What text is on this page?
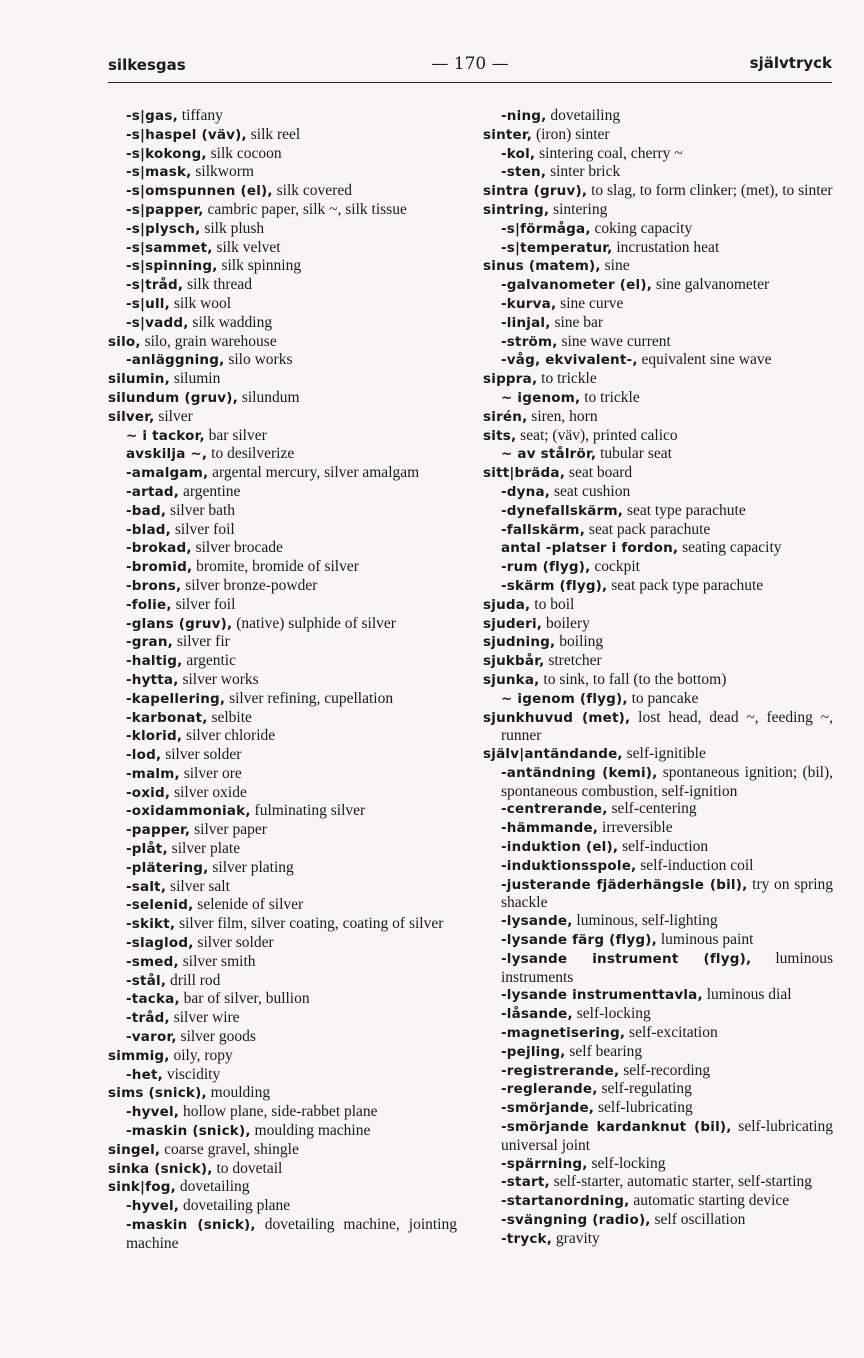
silkesgas	— 170 —	självtryck
-s|gas, tiffany
-s|haspel (väv), silk reel
-s|kokong, silk cocoon
-s|mask, silkworm
-s|omspunnen (el), silk covered
-s|papper, cambric paper, silk ~, silk tissue
-s|plysch, silk plush
-s|sammet, silk velvet
-s|spinning, silk spinning
-s|tråd, silk thread
-s|ull, silk wool
-s|vadd, silk wadding
silo, silo, grain warehouse
-anläggning, silo works
silumin, silumin
silundum (gruv), silundum
silver, silver
~ i tackor, bar silver
avskilja ~, to desilverize
-amalgam, argental mercury, silver amalgam
-artad, argentine
-bad, silver bath
-blad, silver foil
-brokad, silver brocade
-bromid, bromite, bromide of silver
-brons, silver bronze-powder
-folie, silver foil
-glans (gruv), (native) sulphide of silver
-gran, silver fir
-haltig, argentic
-hytta, silver works
-kapellering, silver refining, cupellation
-karbonat, selbite
-klorid, silver chloride
-lod, silver solder
-malm, silver ore
-oxid, silver oxide
-oxidammoniak, fulminating silver
-papper, silver paper
-plåt, silver plate
-plätering, silver plating
-salt, silver salt
-selenid, selenide of silver
-skikt, silver film, silver coating, coating of silver
-slaglod, silver solder
-smed, silver smith
-stål, drill rod
-tacka, bar of silver, bullion
-tråd, silver wire
-varor, silver goods
simmig, oily, ropy
-het, viscidity
sims (snick), moulding
-hyvel, hollow plane, side-rabbet plane
-maskin (snick), moulding machine
singel, coarse gravel, shingle
sinka (snick), to dovetail
sink|fog, dovetailing
-hyvel, dovetailing plane
-maskin (snick), dovetailing machine, jointing machine
-ning, dovetailing
sinter, (iron) sinter
-kol, sintering coal, cherry ~
-sten, sinter brick
sintra (gruv), to slag, to form clinker; (met), to sinter
sintring, sintering
-s|förmåga, coking capacity
-s|temperatur, incrustation heat
sinus (matem), sine
-galvanometer (el), sine galvanometer
-kurva, sine curve
-linjal, sine bar
-ström, sine wave current
-våg, ekvivalent-, equivalent sine wave
sippra, to trickle
~ igenom, to trickle
sirén, siren, horn
sits, seat; (väv), printed calico
~ av stålrör, tubular seat
sitt|bräda, seat board
-dyna, seat cushion
-dynefallskärm, seat type parachute
-fallskärm, seat pack parachute
antal -platser i fordon, seating capacity
-rum (flyg), cockpit
-skärm (flyg), seat pack type parachute
sjuda, to boil
sjuderi, boilery
sjudning, boiling
sjukbår, stretcher
sjunka, to sink, to fall (to the bottom)
~ igenom (flyg), to pancake
sjunkhuvud (met), lost head, dead ~, feeding ~, runner
själv|antändande, self-ignitible
-antändning (kemi), spontaneous ignition; (bil), spontaneous combustion, self-ignition
-centrerande, self-centering
-hämmande, irreversible
-induktion (el), self-induction
-induktionsspole, self-induction coil
-justerande fjäderhängsle (bil), try on spring shackle
-lysande, luminous, self-lighting
-lysande färg (flyg), luminous paint
-lysande instrument (flyg), luminous instruments
-lysande instrumenttavla, luminous dial
-låsande, self-locking
-magnetisering, self-excitation
-pejling, self bearing
-registrerande, self-recording
-reglerande, self-regulating
-smörjande, self-lubricating
-smörjande kardanknut (bil), self-lubricating universal joint
-spärrning, self-locking
-start, self-starter, automatic starter, self-starting
-startanordning, automatic starting device
-svängning (radio), self oscillation
-tryck, gravity
